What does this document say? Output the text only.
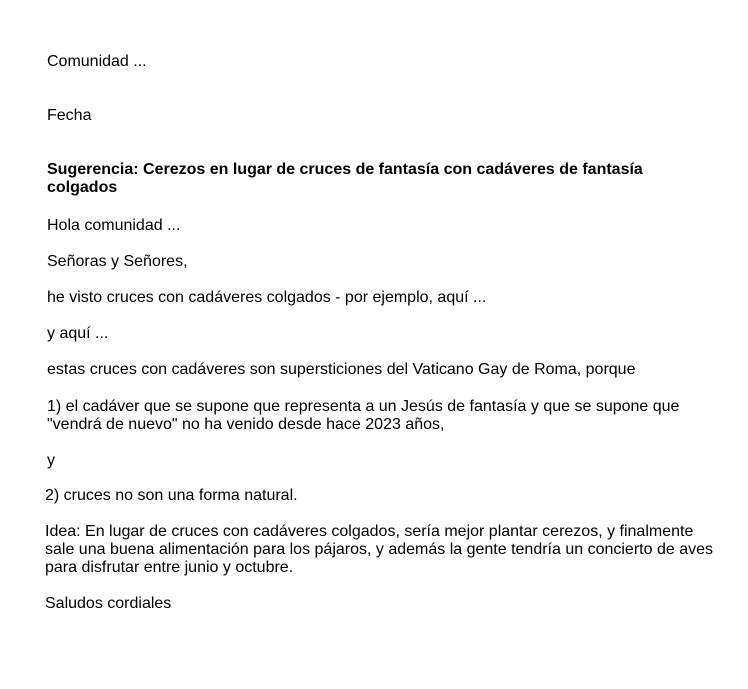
Comunidad ...

Fecha

Sugerencia: Cerezos en lugar de cruces de fantasía con cadáveres de fantasía colgados

Hola comunidad ...

Señoras y Señores,

he visto cruces con cadáveres colgados - por ejemplo, aquí ...

y aquí ...

estas cruces con cadáveres son supersticiones del Vaticano Gay de Roma, porque

1) el cadáver que se supone que representa a un Jesús de fantasía y que se supone que

"vendrá de nuevo" no ha venido desde hace 2023 años,

y

2) cruces no son una forma natural.

Idea: En lugar de cruces con cadáveres colgados, sería mejor plantar cerezos, y finalmente

sale una buena alimentación para los pájaros, y además la gente tendría un concierto de aves

para disfrutar entre junio y octubre.

Saludos cordiales
